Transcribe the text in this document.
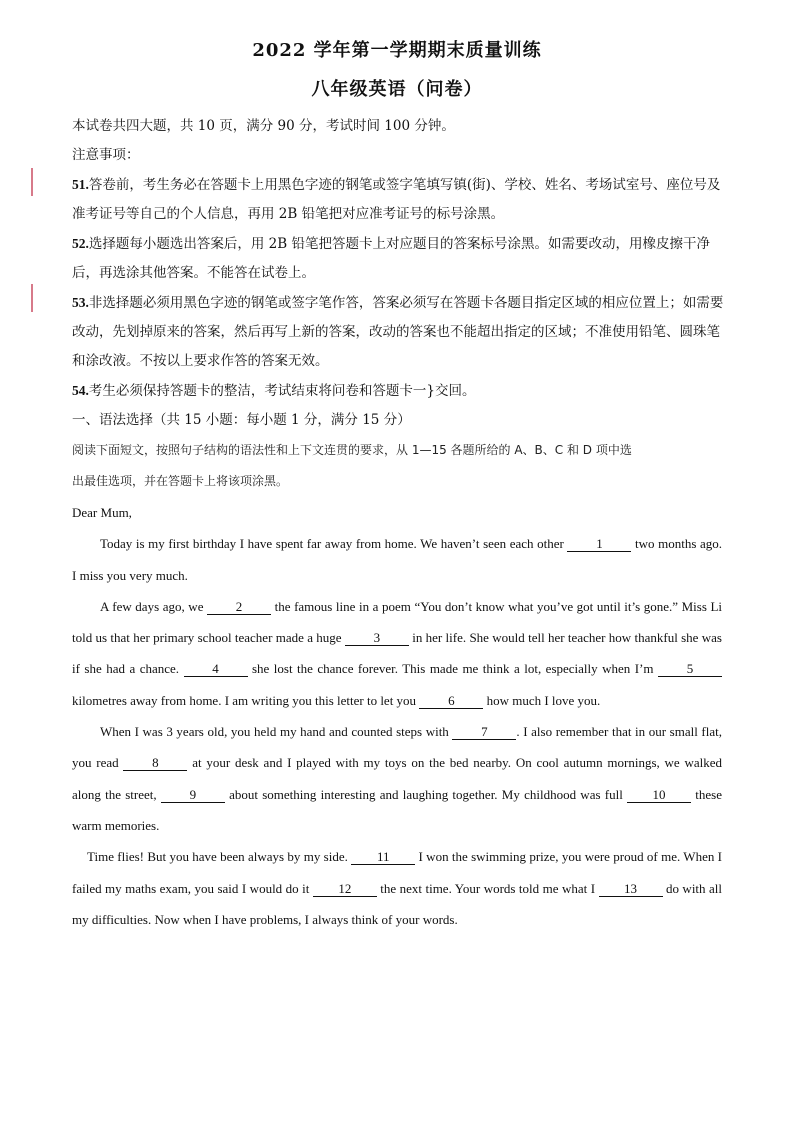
2022 学年第一学期期末质量训练
八年级英语（问卷）

本试卷共四大题，共 10 页，满分 90 分，考试时间 100 分钟。

注意事项：

51.答卷前，考生务必在答题卡上用黑色字迹的钢笔或签字笔填写镇(街)、学校、姓名、考场试室号、座位号及准考证号等自己的个人信息，再用 2B 铅笔把对应准考证号的标号涂黑。

52.选择题每小题选出答案后，用 2B 铅笔把答题卡上对应题目的答案标号涂黑。如需要改动，用橡皮擦干净后，再选涂其他答案。不能答在试卷上。

53.非选择题必须用黑色字迹的钢笔或签字笔作答，答案必须写在答题卡各题目指定区域的相应位置上；如需要改动，先划掉原来的答案，然后再写上新的答案，改动的答案也不能超出指定的区域；不准使用铅笔、圆珠笔和涂改液。不按以上要求作答的答案无效。

54.考生必须保持答题卡的整洁，考试结束将问卷和答题卡一}交回。

一、语法选择（共 15 小题：每小题 1 分，满分 15 分）

阅读下面短文，按照句子结构的语法性和上下文连贯的要求，从 1—15 各题所给的 A、B、C 和 D 项中选

出最佳选项，并在答题卡上将该项涂黑。

Dear Mum,

Today is my first birthday I have spent far away from home. We haven’t seen each other 1 two months ago. I miss you very much.

A few days ago, we 2 the famous line in a poem “You don’t know what you’ve got until it’s gone.” Miss Li told us that her primary school teacher made a huge 3 in her life. She would tell her teacher how thankful she was if she had a chance. 4 she lost the chance forever. This made me think a lot, especially when I’m 5 kilometres away from home. I am writing you this letter to let you 6 how much I love you.

When I was 3 years old, you held my hand and counted steps with 7 . I also remember that in our small flat, you read 8 at your desk and I played with my toys on the bed nearby. On cool autumn mornings, we walked along the street, 9 about something interesting and laughing together. My childhood was full 10 these warm memories.

Time flies! But you have been always by my side. 11 I won the swimming prize, you were proud of me. When I failed my maths exam, you said I would do it 12 the next time. Your words told me what I 13 do with all my difficulties. Now when I have problems, I always think of your words.
